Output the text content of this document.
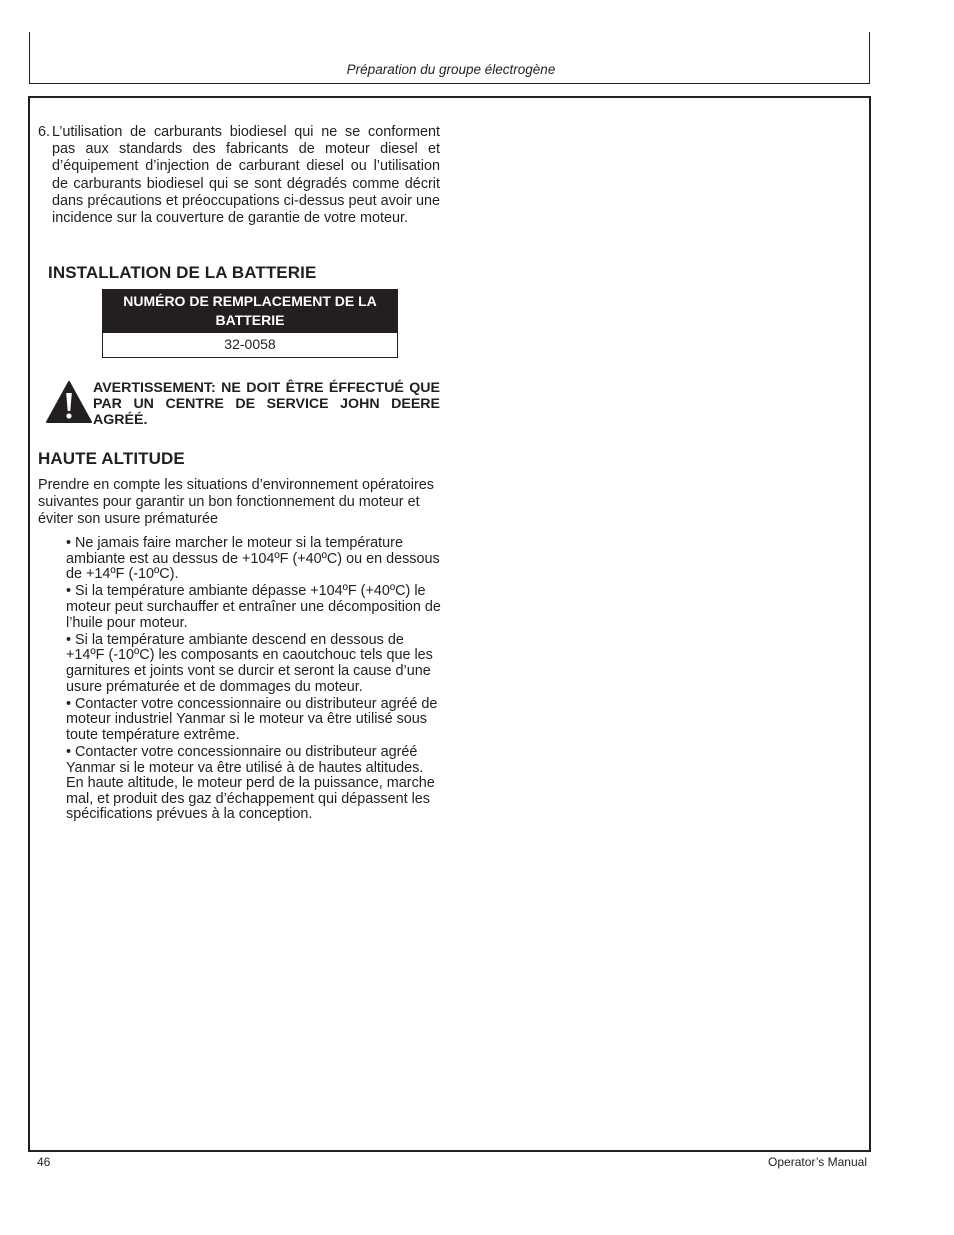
Préparation du groupe électrogène
6. L’utilisation de carburants biodiesel qui ne se conforment pas aux standards des fabricants de moteur diesel et d’équipement d’injection de carburant diesel ou l’utilisation de carburants biodiesel qui se sont dégradés comme décrit dans précautions et préoccupations ci-dessus peut avoir une incidence sur la couverture de garantie de votre moteur.
INSTALLATION DE LA BATTERIE
NUMÉRO DE REMPLACEMENT DE LA BATTERIE
32-0058
AVERTISSEMENT: NE DOIT ÊTRE ÉFFECTUÉ QUE PAR UN CENTRE DE SERVICE JOHN DEERE AGRÉÉ.
HAUTE ALTITUDE
Prendre en compte les situations d’environnement opératoires suivantes pour garantir un bon fonctionnement du moteur et éviter son usure prématurée

• Ne jamais faire marcher le moteur si la température ambiante est au dessus de +104ºF (+40ºC) ou en dessous de +14ºF (-10ºC).

• Si la température ambiante dépasse +104ºF (+40ºC) le moteur peut surchauffer et entraîner une décomposition de l’huile pour moteur.

• Si la température ambiante descend en dessous de +14ºF (-10ºC) les composants en caoutchouc tels que les garnitures et joints vont se durcir et seront la cause d’une usure prématurée et de dommages du moteur.

• Contacter votre concessionnaire ou distributeur agréé de moteur industriel Yanmar si le moteur va être utilisé sous toute température extrême.

• Contacter votre concessionnaire ou distributeur agréé Yanmar si le moteur va être utilisé à de hautes altitudes. En haute altitude, le moteur perd de la puissance, marche mal, et produit des gaz d’échappement qui dépassent les spécifications prévues à la conception.

46	Operator’s Manual
